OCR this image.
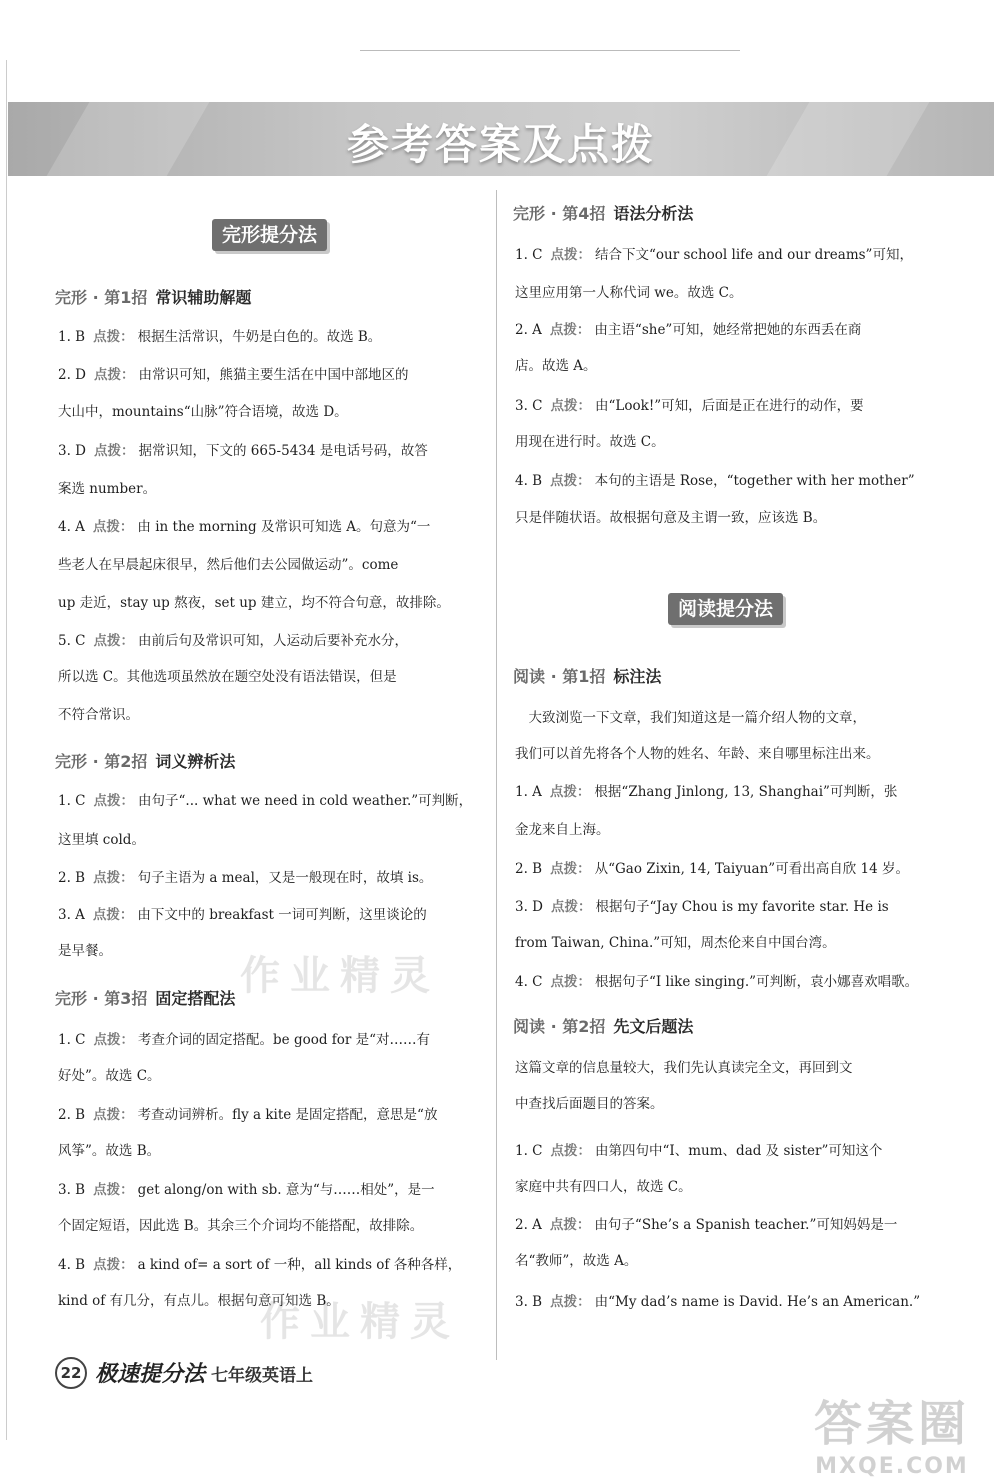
参考答案及点拨
完形提分法
完形 · 第1招 常识辅助解题
完形 · 第2招 词义辨析法
完形 · 第3招 固定搭配法
1. B 点拨： 根据生活常识，牛奶是白色的。故选 B。
2. D 点拨： 由常识可知，熊猫主要生活在中国中部地区的
大山中，mountains“山脉”符合语境，故选 D。
3. D 点拨： 据常识知，下文的 665-5434 是电话号码，故答
案选 number。
4. A 点拨： 由 in the morning 及常识可知选 A。句意为“一
些老人在早晨起床很早，然后他们去公园做运动”。come
up 走近，stay up 熬夜，set up 建立，均不符合句意，故排除。
5. C 点拨： 由前后句及常识可知，人运动后要补充水分，
所以选 C。其他选项虽然放在题空处没有语法错误，但是
不符合常识。
1. C 点拨： 由句子“... what we need in cold weather.”可判断，
这里填 cold。
2. B 点拨： 句子主语为 a meal，又是一般现在时，故填 is。
3. A 点拨： 由下文中的 breakfast 一词可判断，这里谈论的
是早餐。
1. C 点拨： 考查介词的固定搭配。be good for 是“对……有
好处”。故选 C。
2. B 点拨： 考查动词辨析。fly a kite 是固定搭配，意思是“放
风筝”。故选 B。
3. B 点拨： get along/on with sb. 意为“与……相处”，是一
个固定短语，因此选 B。其余三个介词均不能搭配，故排除。
4. B 点拨： a kind of= a sort of 一种，all kinds of 各种各样，
kind of 有几分，有点儿。根据句意可知选 B。
完形 · 第4招 语法分析法
阅读提分法
阅读 · 第1招 标注法
阅读 · 第2招 先文后题法
1. C 点拨： 结合下文“our school life and our dreams”可知，
这里应用第一人称代词 we。故选 C。
2. A 点拨： 由主语“she”可知，她经常把她的东西丢在商
店。故选 A。
3. C 点拨： 由“Look!”可知，后面是正在进行的动作，要
用现在进行时。故选 C。
4. B 点拨： 本句的主语是 Rose，“together with her mother”
只是伴随状语。故根据句意及主谓一致，应该选 B。
　大致浏览一下文章，我们知道这是一篇介绍人物的文章，
我们可以首先将各个人物的姓名、年龄、来自哪里标注出来。
1. A 点拨： 根据“Zhang Jinlong, 13, Shanghai”可判断，张
金龙来自上海。
2. B 点拨： 从“Gao Zixin, 14, Taiyuan”可看出高自欣 14 岁。
3. D 点拨： 根据句子“Jay Chou is my favorite star. He is
from Taiwan, China.”可知，周杰伦来自中国台湾。
4. C 点拨： 根据句子“I like singing.”可判断，袁小娜喜欢唱歌。
这篇文章的信息量较大，我们先认真读完全文，再回到文
中查找后面题目的答案。
1. C 点拨： 由第四句中“I、mum、dad 及 sister”可知这个
家庭中共有四口人，故选 C。
2. A 点拨： 由句子“She’s a Spanish teacher.”可知妈妈是一
名“教师”，故选 A。
3. B 点拨： 由“My dad’s name is David. He’s an American.”
作业精灵
作业精灵
22 极速提分法 七年级英语上
答案圈
MXQE.COM
